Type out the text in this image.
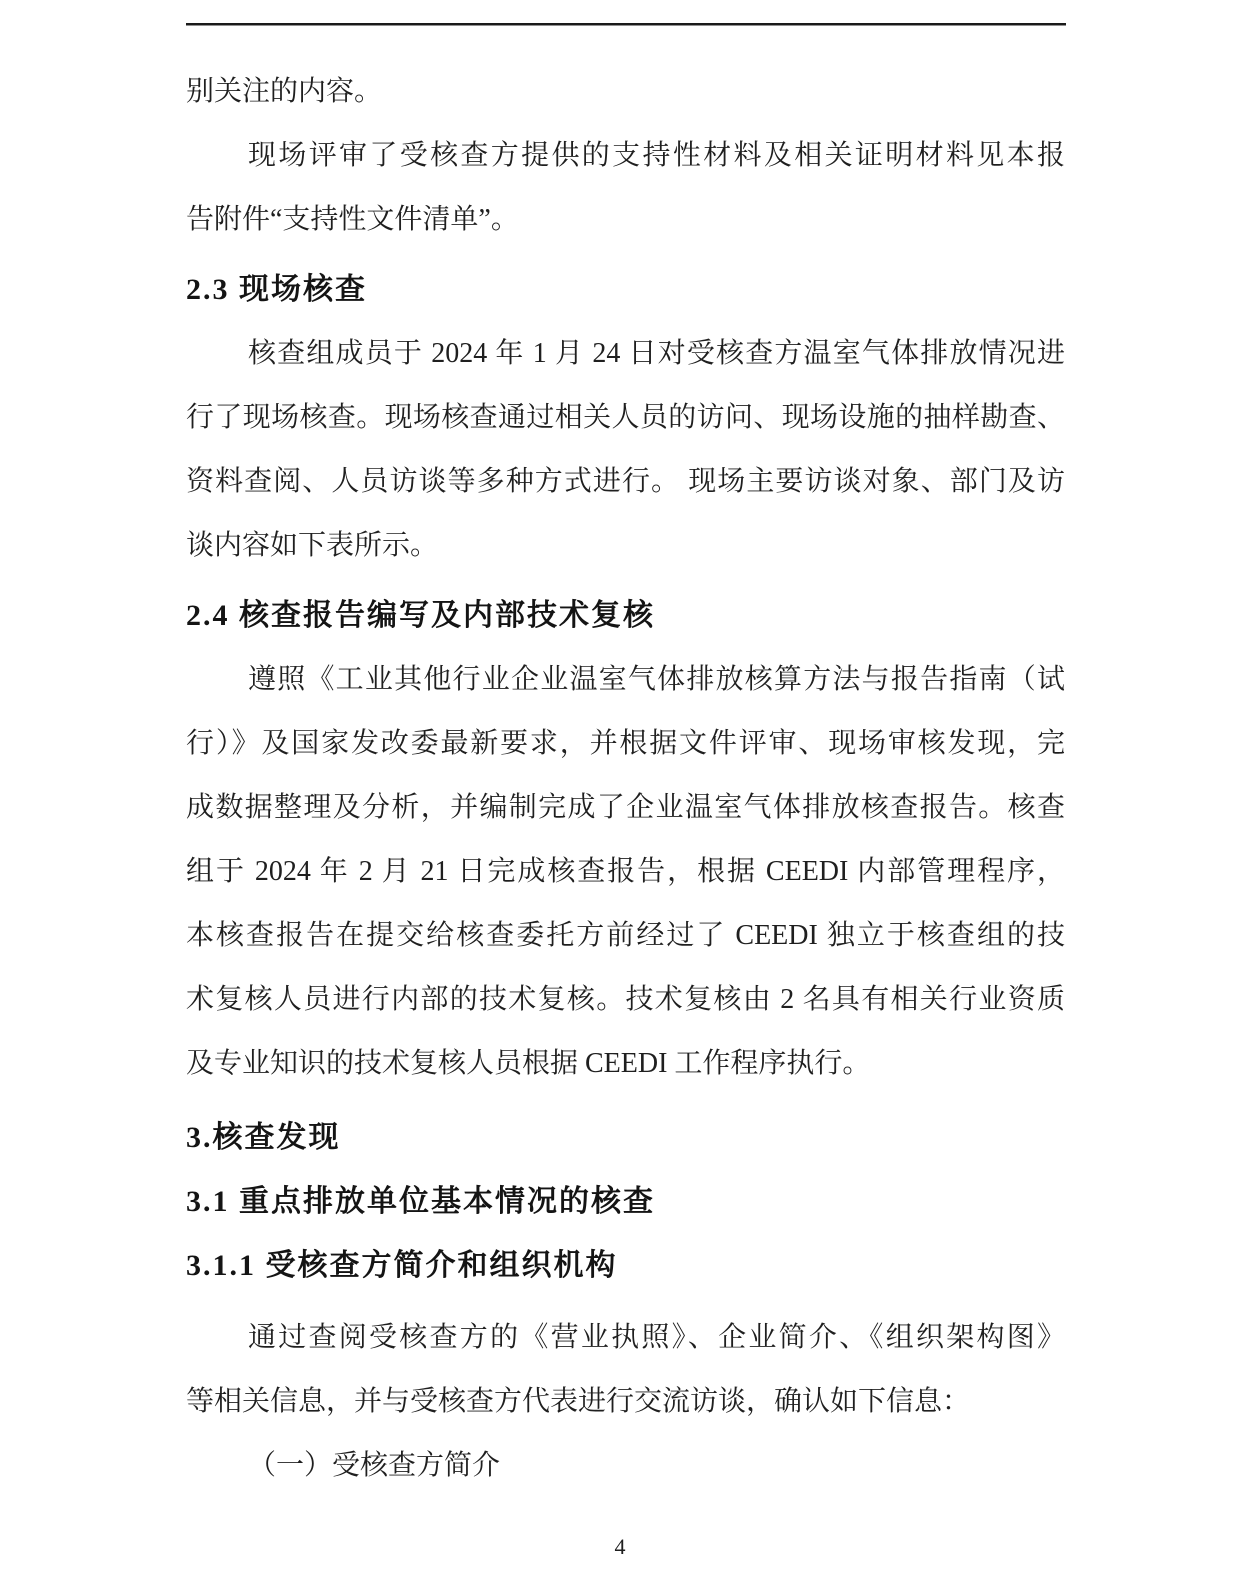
别关注的内容。
现场评审了受核查方提供的支持性材料及相关证明材料见本报
告附件“支持性文件清单”。
2.3 现场核查
核查组成员于 2024 年 1 月 24 日对受核查方温室气体排放情况进
行了现场核查。现场核查通过相关人员的访问、现场设施的抽样勘查、
资料查阅、人员访谈等多种方式进行。 现场主要访谈对象、部门及访
谈内容如下表所示。
2.4 核查报告编写及内部技术复核
遵照《工业其他行业企业温室气体排放核算方法与报告指南（试
行）》及国家发改委最新要求，并根据文件评审、现场审核发现，完
成数据整理及分析，并编制完成了企业温室气体排放核查报告。核查
组于 2024 年 2 月 21 日完成核查报告，根据 CEEDI 内部管理程序，
本核查报告在提交给核查委托方前经过了 CEEDI 独立于核查组的技
术复核人员进行内部的技术复核。技术复核由 2 名具有相关行业资质
及专业知识的技术复核人员根据 CEEDI 工作程序执行。
3.核查发现
3.1 重点排放单位基本情况的核查
3.1.1 受核查方简介和组织机构
通过查阅受核查方的《营业执照》、企业简介、《组织架构图》
等相关信息，并与受核查方代表进行交流访谈，确认如下信息：
（一）受核查方简介
4
